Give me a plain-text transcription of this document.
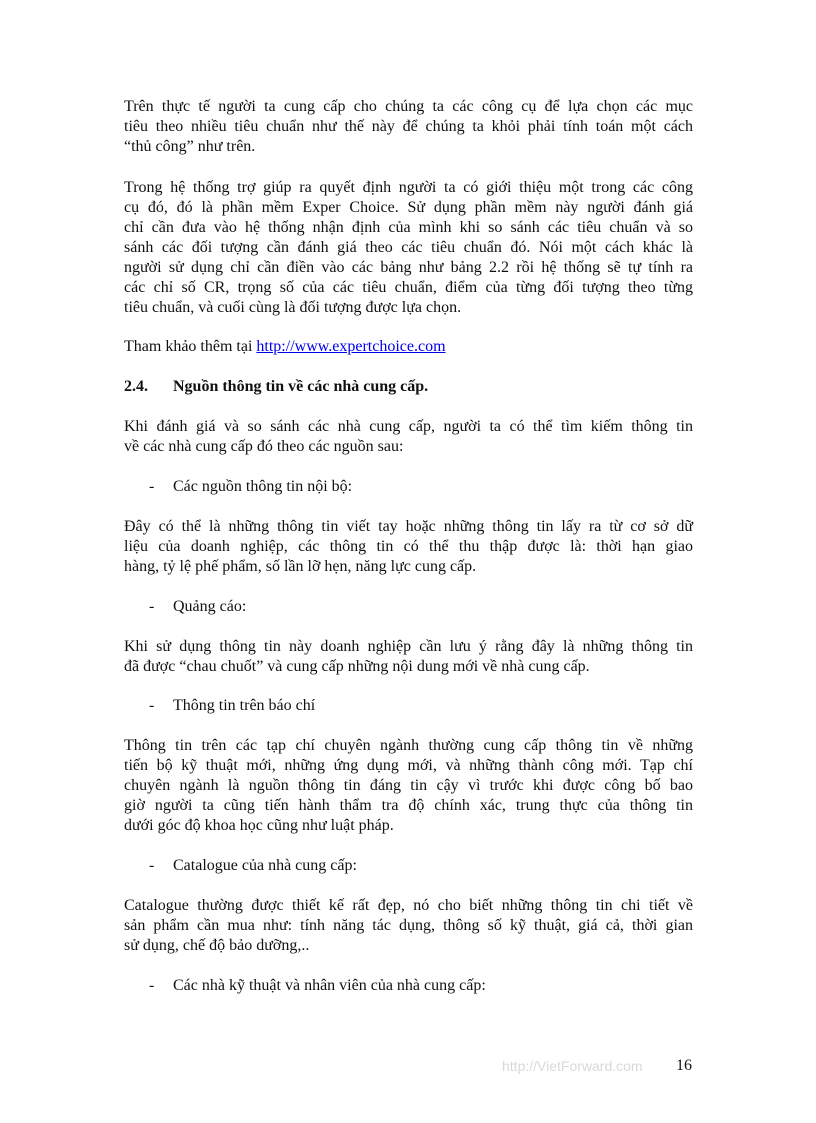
Trên thực tế người ta cung cấp cho chúng ta các công cụ để lựa chọn các mục
tiêu theo nhiều tiêu chuẩn như thế này để chúng ta khỏi phải tính toán một cách
“thủ công” như trên.
Trong hệ thống trợ giúp ra quyết định người ta có giới thiệu một trong các công
cụ đó, đó là phần mềm Exper Choice. Sử dụng phần mềm này người đánh giá
chỉ cần đưa vào hệ thống nhận định của mình khi so sánh các tiêu chuẩn và so
sánh các đối tượng cần đánh giá theo các tiêu chuẩn đó. Nói một cách khác là
người sử dụng chỉ cần điền vào các bảng như bảng 2.2 rồi hệ thống sẽ tự tính ra
các chỉ số CR, trọng số của các tiêu chuẩn, điểm của từng đối tượng theo từng
tiêu chuẩn, và cuối cùng là đối tượng được lựa chọn.
Tham khảo thêm tại http://www.expertchoice.com
2.4. Nguồn thông tin về các nhà cung cấp.
Khi đánh giá và so sánh các nhà cung cấp, người ta có thể tìm kiếm thông tin
về các nhà cung cấp đó theo các nguồn sau:
- Các nguồn thông tin nội bộ:
Đây có thể là những thông tin viết tay hoặc những thông tin lấy ra từ cơ sở dữ
liệu của doanh nghiệp, các thông tin có thể thu thập được là: thời hạn giao
hàng, tỷ lệ phế phẩm, số lần lỡ hẹn, năng lực cung cấp.
- Quảng cáo:
Khi sử dụng thông tin này doanh nghiệp cần lưu ý rằng đây là những thông tin
đã được “chau chuốt” và cung cấp những nội dung mới về nhà cung cấp.
- Thông tin trên báo chí
Thông tin trên các tạp chí chuyên ngành thường cung cấp thông tin về những
tiến bộ kỹ thuật mới, những ứng dụng mới, và những thành công mới. Tạp chí
chuyên ngành là nguồn thông tin đáng tin cậy vì trước khi được công bố bao
giờ người ta cũng tiến hành thẩm tra độ chính xác, trung thực của thông tin
dưới góc độ khoa học cũng như luật pháp.
- Catalogue của nhà cung cấp:
Catalogue thường được thiết kế rất đẹp, nó cho biết những thông tin chi tiết về
sản phẩm cần mua như: tính năng tác dụng, thông số kỹ thuật, giá cả, thời gian
sử dụng, chế độ bảo dưỡng,..
- Các nhà kỹ thuật và nhân viên của nhà cung cấp:
http://VietForward.com 16
